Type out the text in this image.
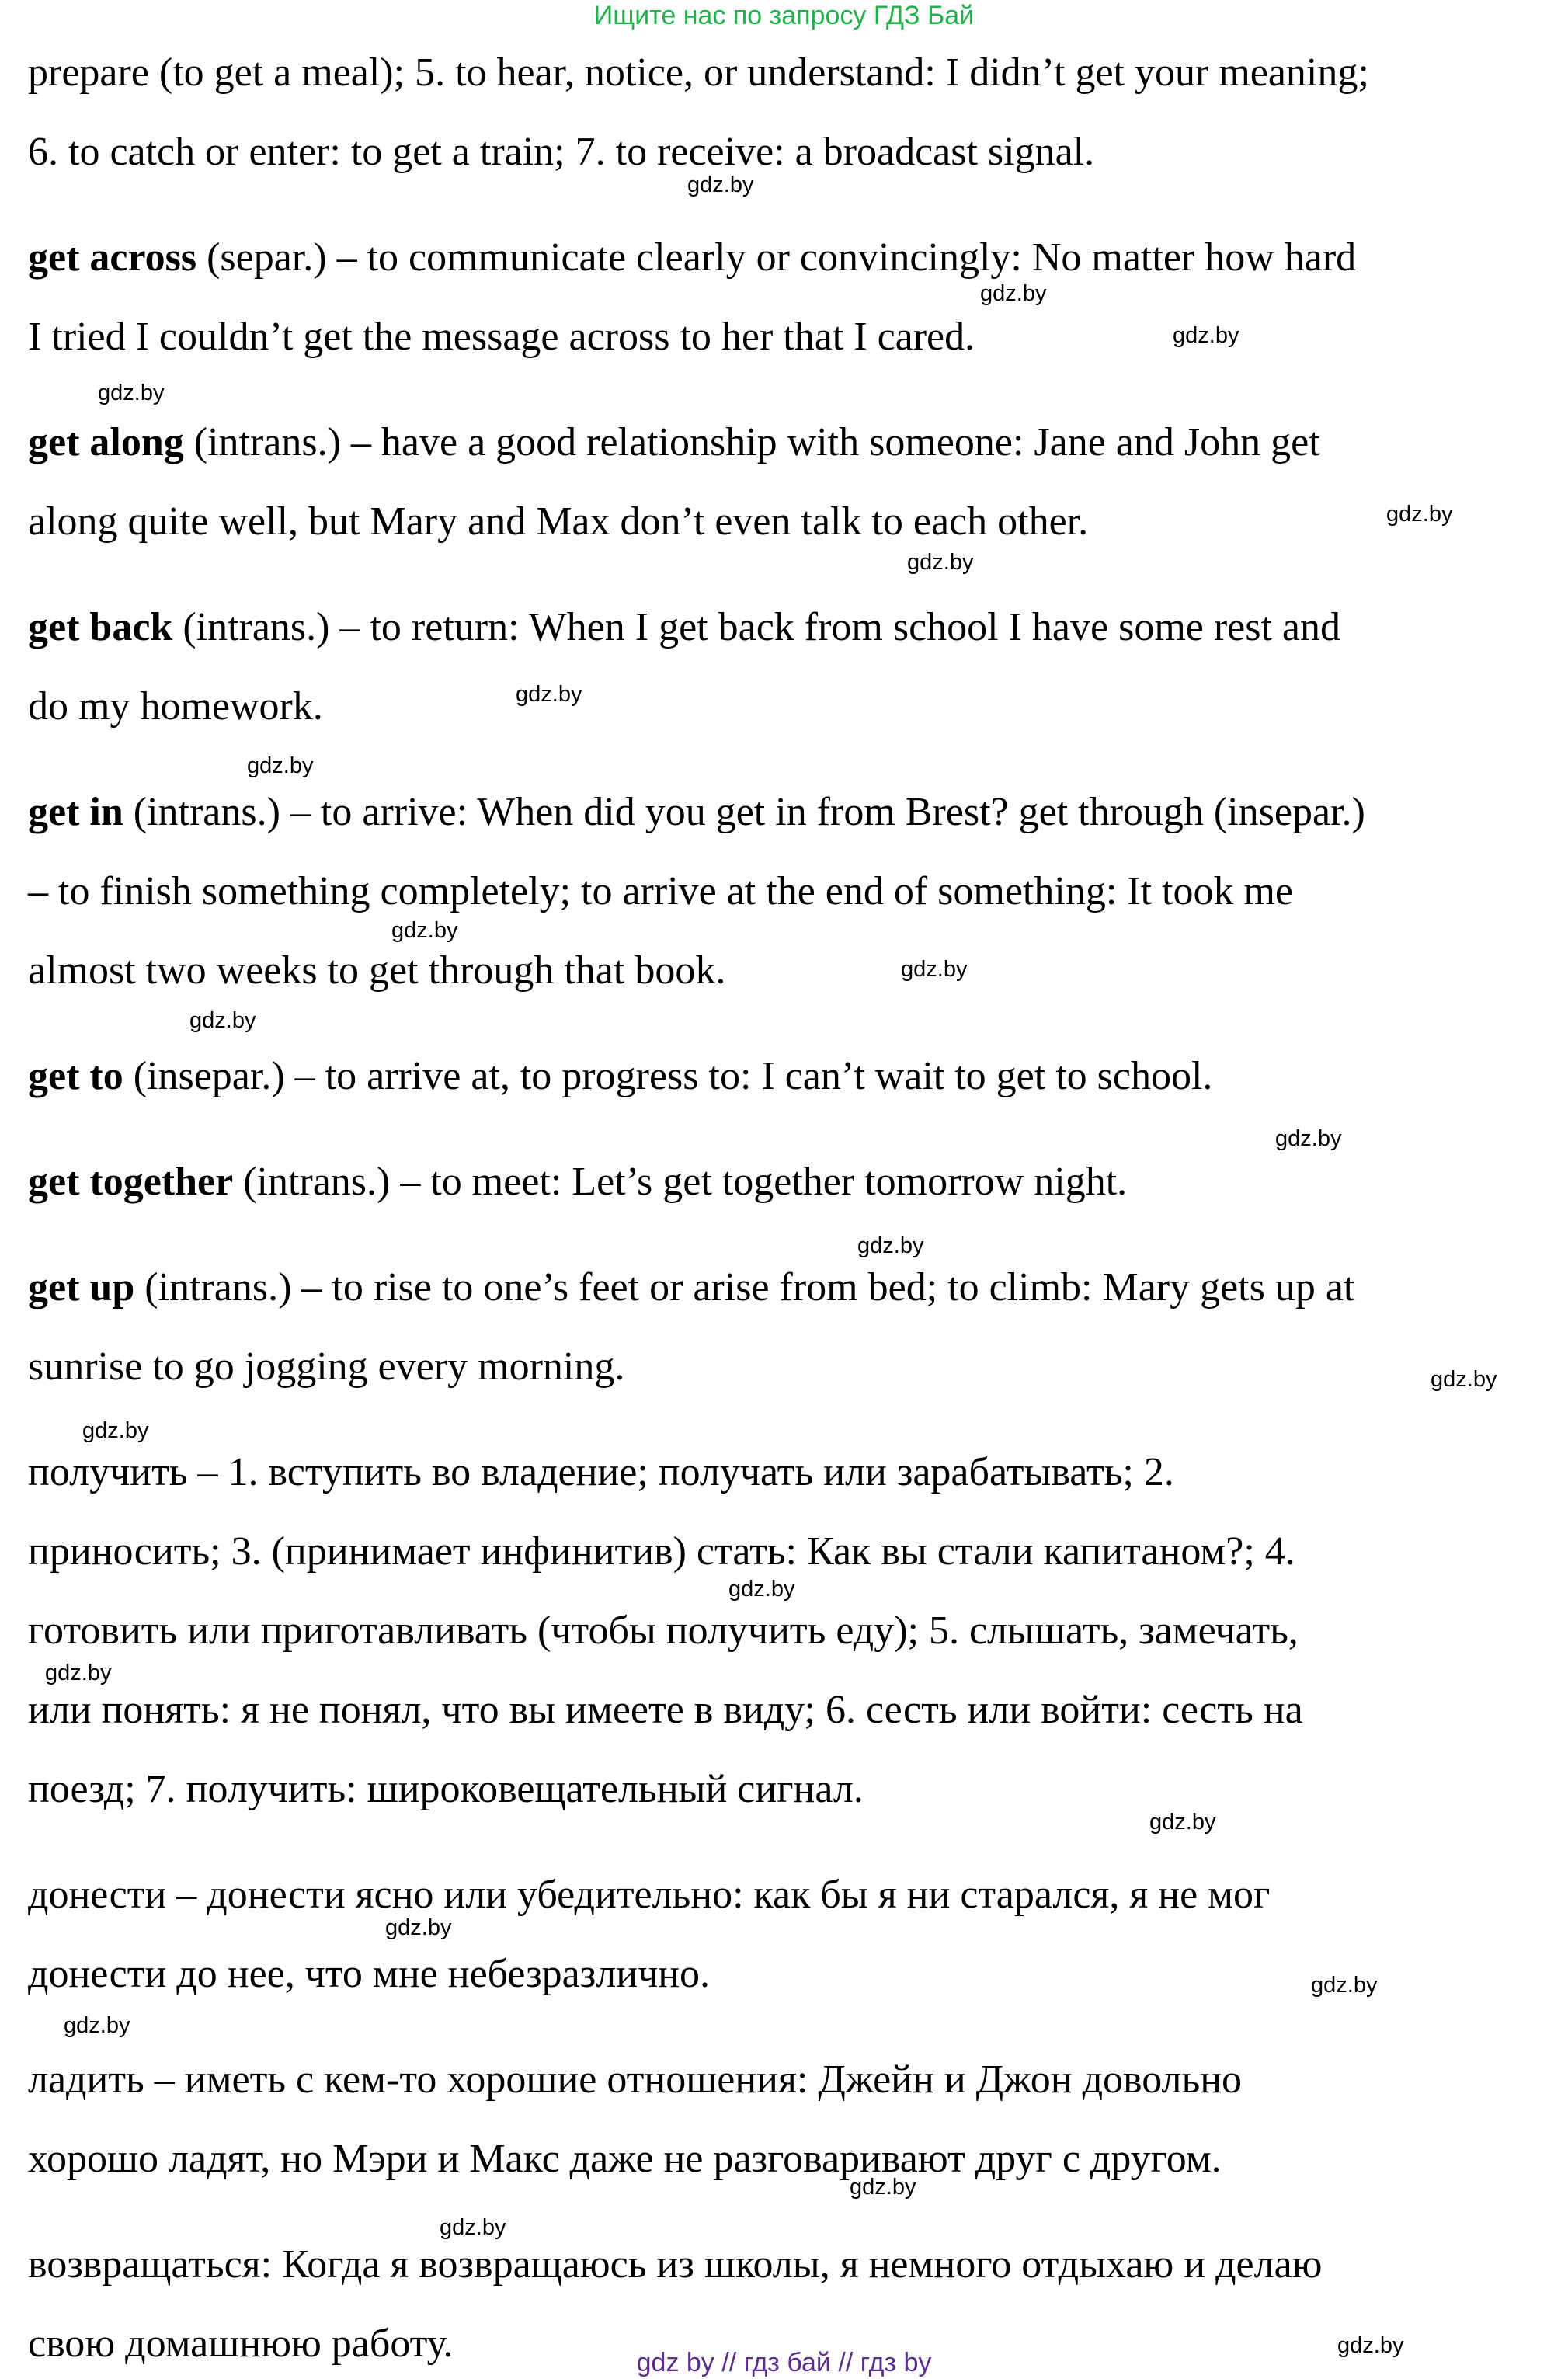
Ищите нас по запросу ГДЗ Бай
prepare (to get a meal); 5. to hear, notice, or understand: I didn’t get your meaning;
6. to catch or enter: to get a train; 7. to receive: a broadcast signal.
get across (separ.) – to communicate clearly or convincingly: No matter how hard
I tried I couldn’t get the message across to her that I cared.
get along (intrans.) – have a good relationship with someone: Jane and John get
along quite well, but Mary and Max don’t even talk to each other.
get back (intrans.) – to return: When I get back from school I have some rest and
do my homework.
get in (intrans.) – to arrive: When did you get in from Brest? get through (insepar.)
– to finish something completely; to arrive at the end of something: It took me
almost two weeks to get through that book.
get to (insepar.) – to arrive at, to progress to: I can’t wait to get to school.
get together (intrans.) – to meet: Let’s get together tomorrow night.
get up (intrans.) – to rise to one’s feet or arise from bed; to climb: Mary gets up at
sunrise to go jogging every morning.
получить – 1. вступить во владение; получать или зарабатывать; 2.
приносить; 3. (принимает инфинитив) стать: Как вы стали капитаном?; 4.
готовить или приготавливать (чтобы получить еду); 5. слышать, замечать,
или понять: я не понял, что вы имеете в виду; 6. сесть или войти: сесть на
поезд; 7. получить: широковещательный сигнал.
донести – донести ясно или убедительно: как бы я ни старался, я не мог
донести до нее, что мне небезразлично.
ладить – иметь с кем-то хорошие отношения: Джейн и Джон довольно
хорошо ладят, но Мэри и Макс даже не разговаривают друг с другом.
возвращаться: Когда я возвращаюсь из школы, я немного отдыхаю и делаю
свою домашнюю работу.
gdz.by
gdz.by
gdz.by
gdz.by
gdz.by
gdz.by
gdz.by
gdz.by
gdz.by
gdz.by
gdz.by
gdz.by
gdz.by
gdz.by
gdz.by
gdz.by
gdz.by
gdz.by
gdz.by
gdz.by
gdz.by
gdz.by
gdz.by
gdz.by
gdz by // гдз бай // гдз by
